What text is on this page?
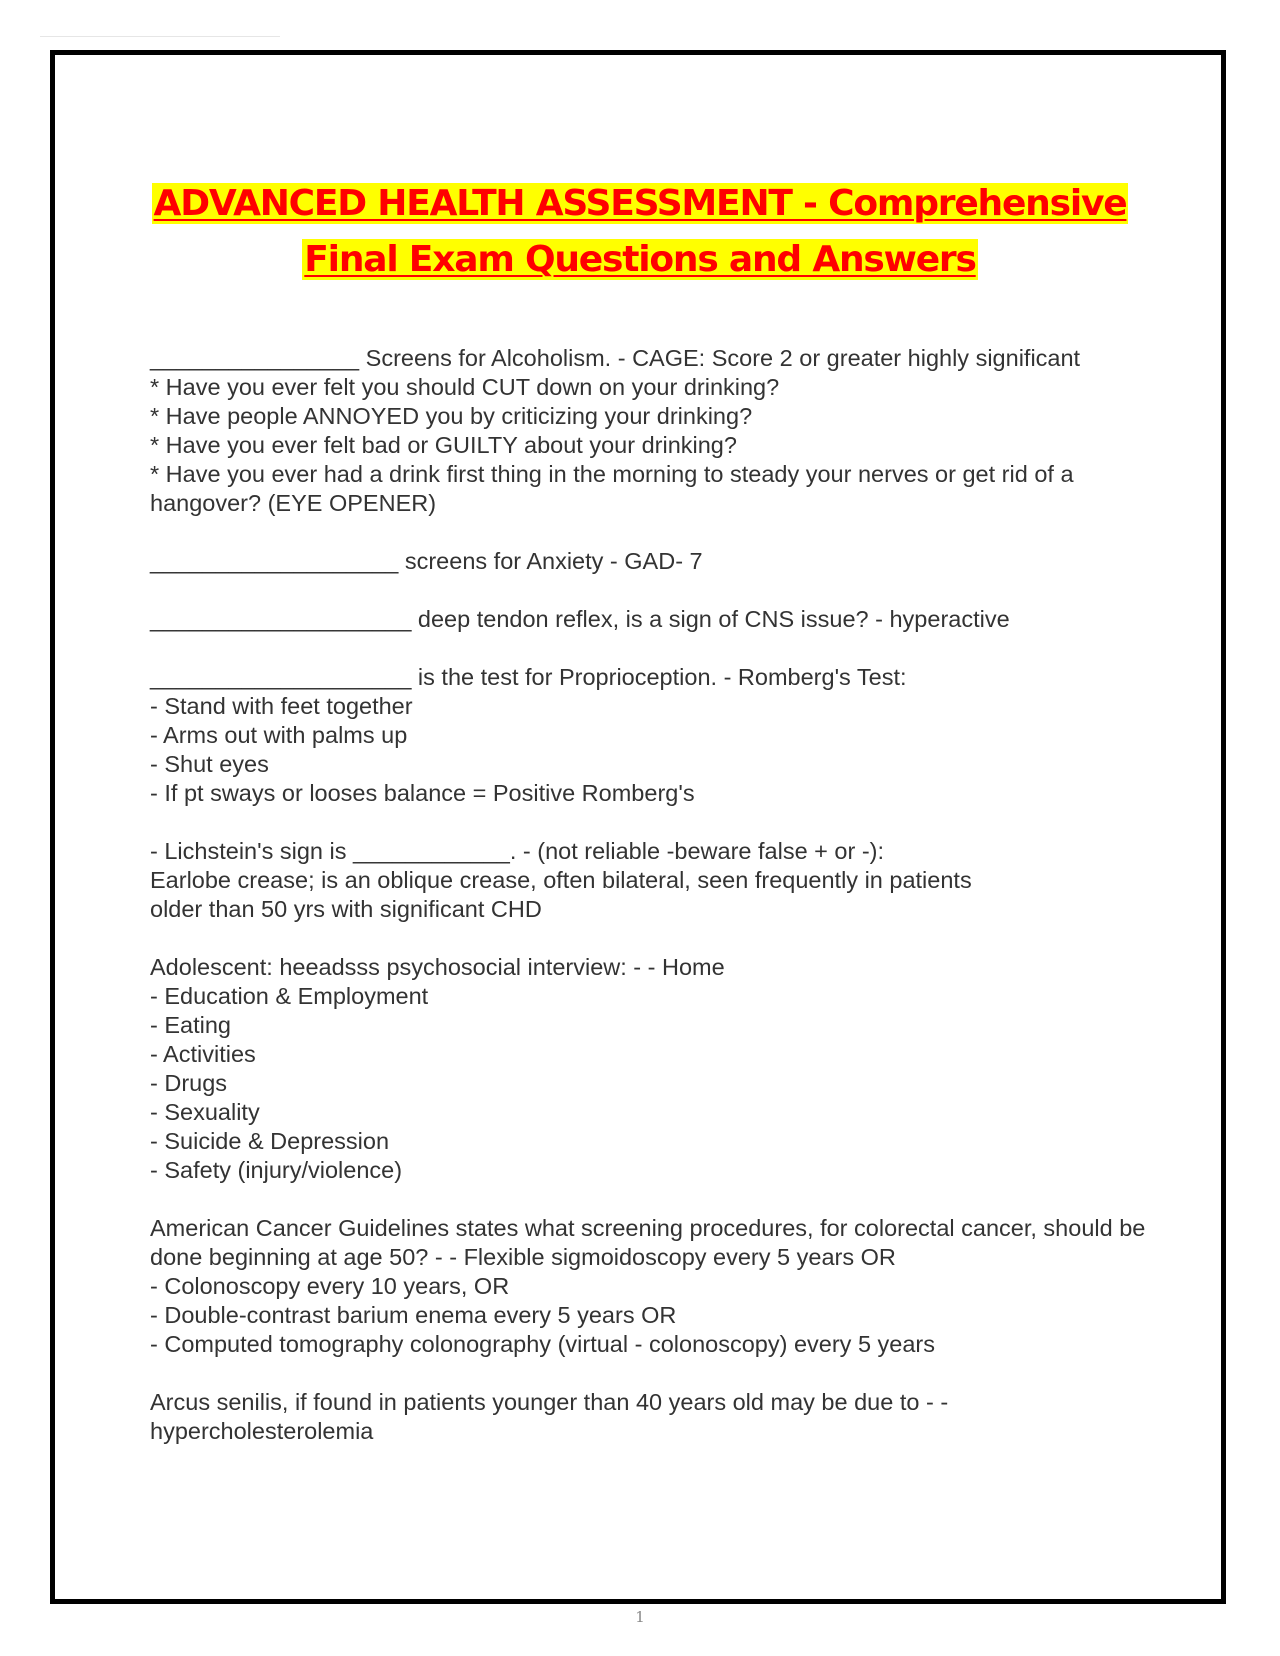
ADVANCED HEALTH ASSESSMENT - Comprehensive
Final Exam Questions and Answers

________________ Screens for Alcoholism. - CAGE: Score 2 or greater highly significant

* Have you ever felt you should CUT down on your drinking?

* Have people ANNOYED you by criticizing your drinking?

* Have you ever felt bad or GUILTY about your drinking?

* Have you ever had a drink first thing in the morning to steady your nerves or get rid of a hangover? (EYE OPENER)

___________________ screens for Anxiety - GAD- 7

____________________ deep tendon reflex, is a sign of CNS issue? - hyperactive

____________________ is the test for Proprioception. - Romberg's Test:

- Stand with feet together

- Arms out with palms up

- Shut eyes

- If pt sways or looses balance = Positive Romberg's

- Lichstein's sign is ____________. - (not reliable -beware false + or -):

Earlobe crease; is an oblique crease, often bilateral, seen frequently in patients

older than 50 yrs with significant CHD

Adolescent: heeadsss psychosocial interview: - - Home

- Education & Employment

- Eating

- Activities

- Drugs

- Sexuality

- Suicide & Depression

- Safety (injury/violence)

American Cancer Guidelines states what screening procedures, for colorectal cancer, should be done beginning at age 50? - - Flexible sigmoidoscopy every 5 years OR

- Colonoscopy every 10 years, OR

- Double-contrast barium enema every 5 years OR

- Computed tomography colonography (virtual - colonoscopy) every 5 years

Arcus senilis, if found in patients younger than 40 years old may be due to - - hypercholesterolemia

1
